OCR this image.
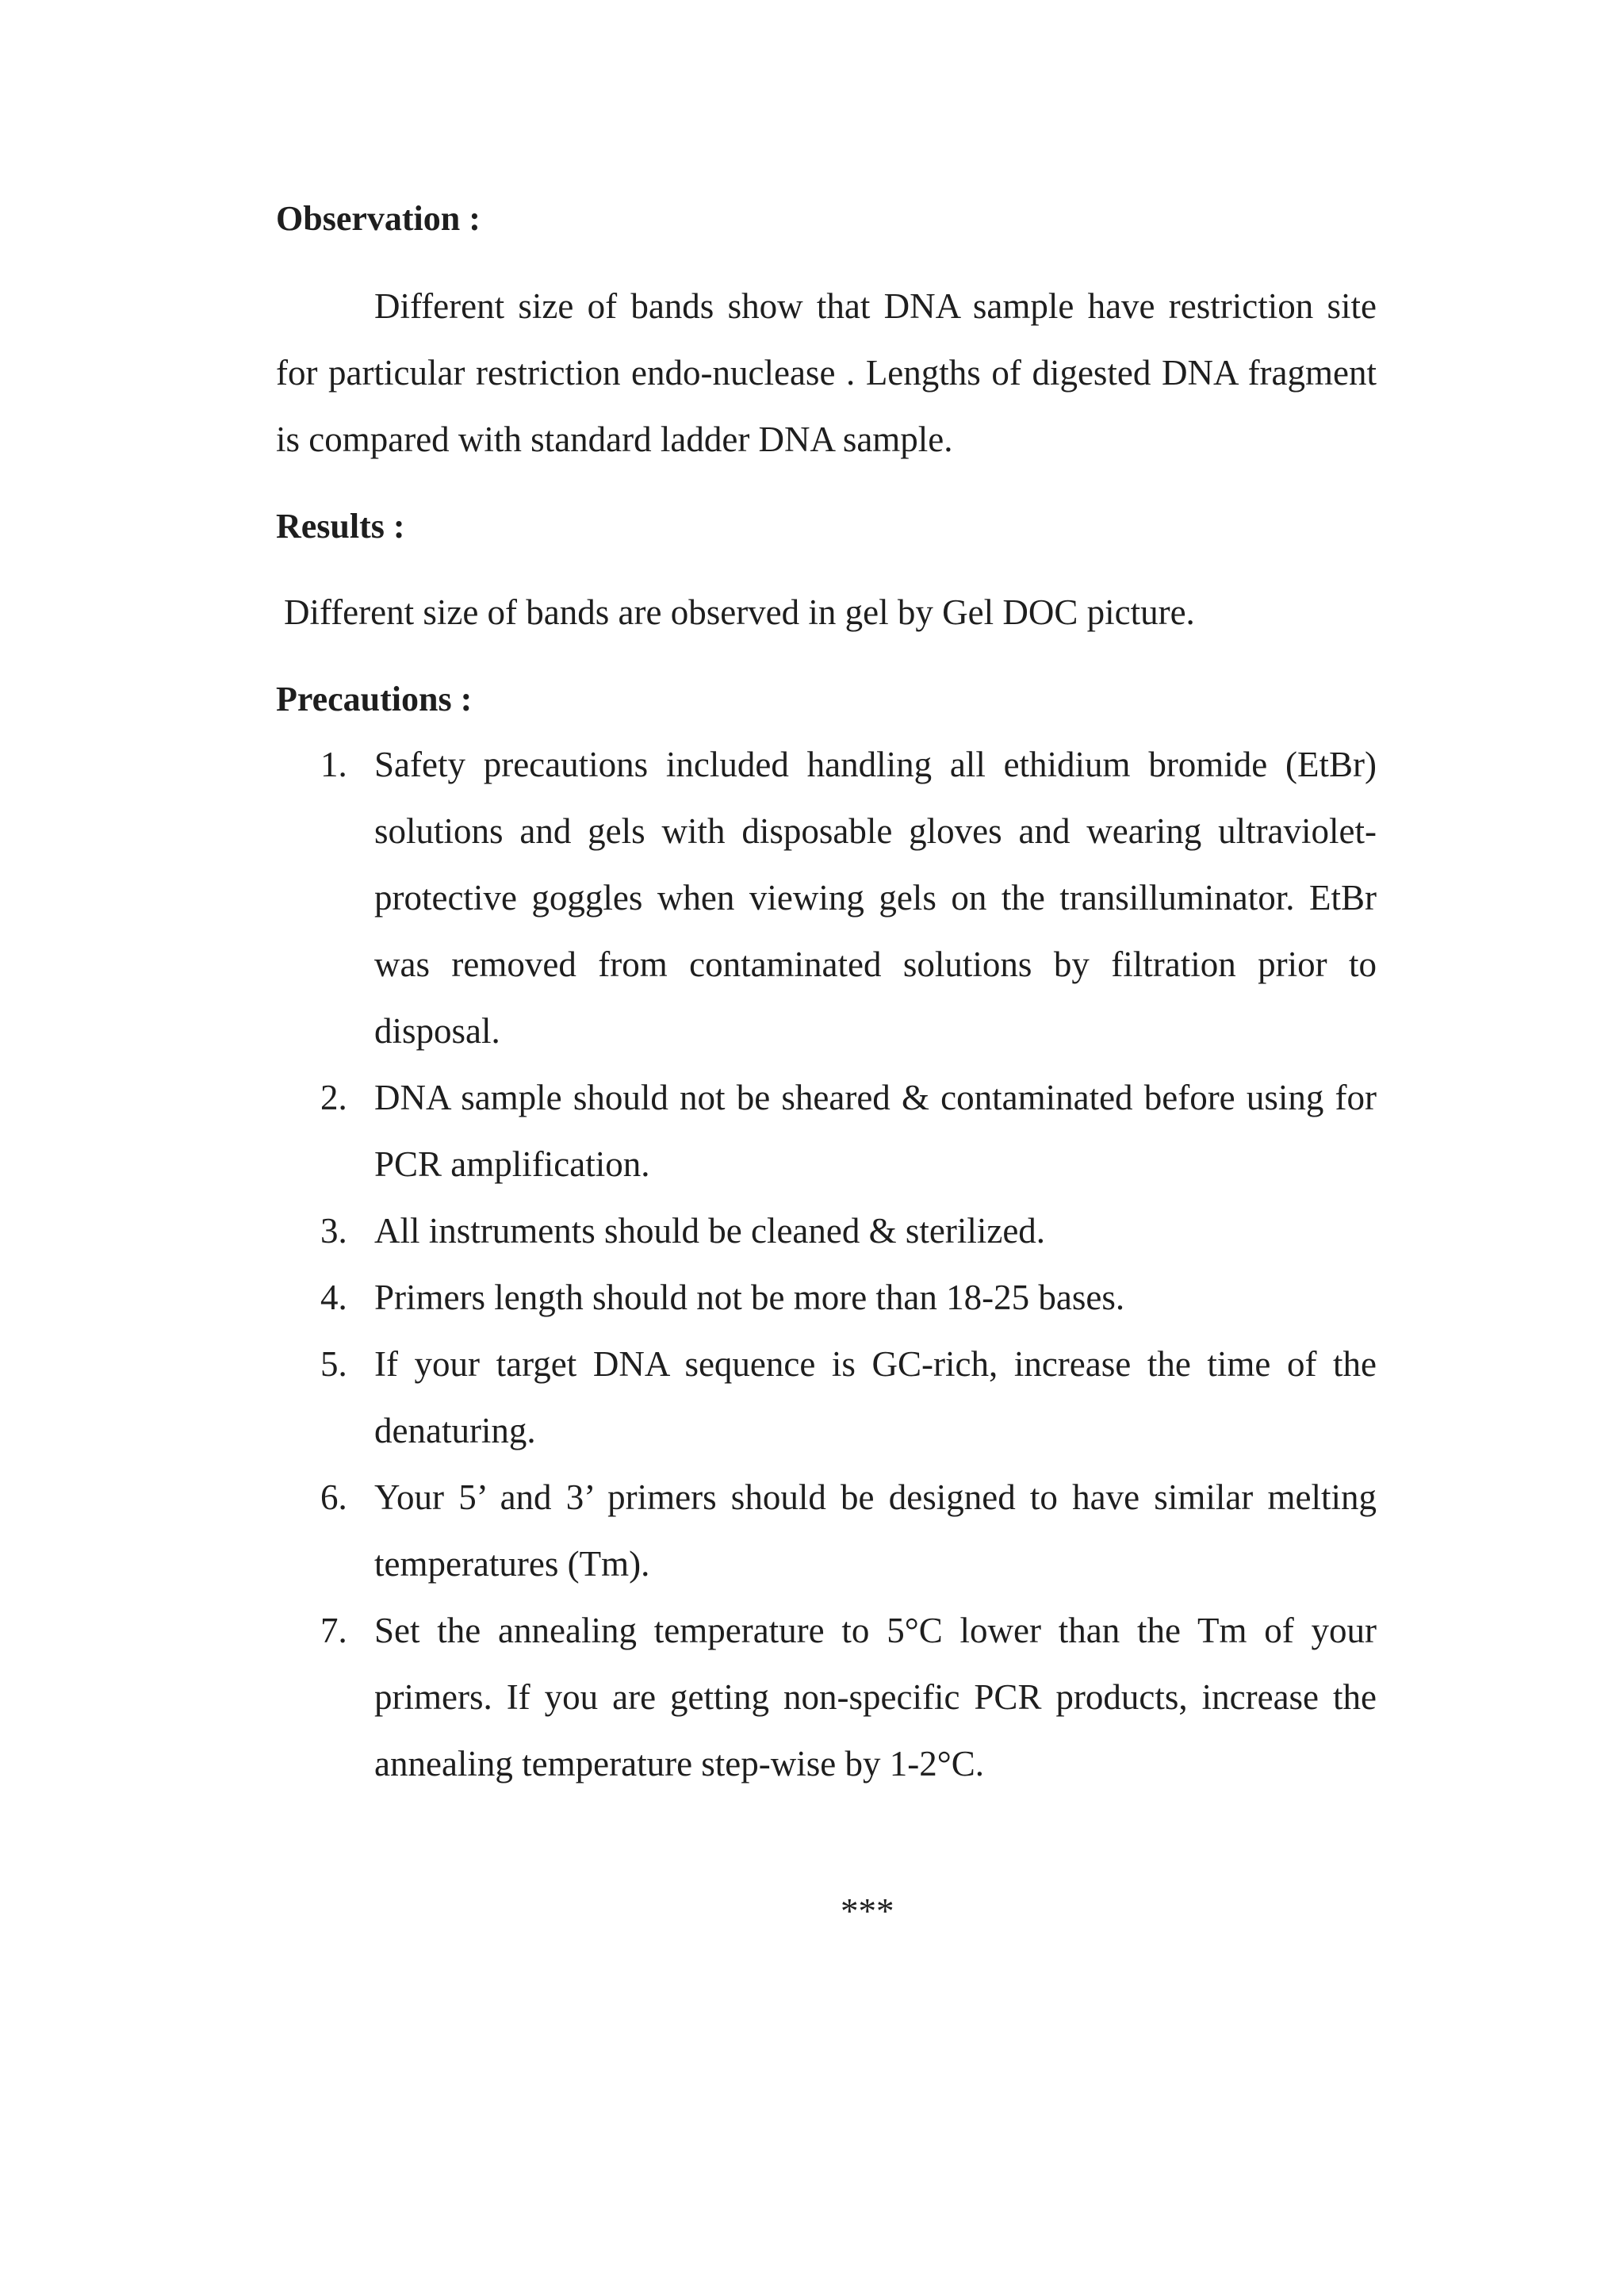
Observation :

Different size of bands show that DNA sample have restriction site for particular restriction endo-nuclease . Lengths of digested DNA fragment is compared with standard ladder DNA sample.

Results :

Different size of bands are observed in gel by Gel DOC picture.

Precautions :
1. Safety precautions included handling all ethidium bromide (EtBr) solutions and gels with disposable gloves and wearing ultraviolet-protective goggles when viewing gels on the transilluminator. EtBr was removed from contaminated solutions by filtration prior to disposal.
2. DNA sample should not be sheared & contaminated before using for PCR amplification.
3. All instruments should be cleaned & sterilized.
4. Primers length should not be more than 18-25 bases.
5. If your target DNA sequence is GC-rich, increase the time of the denaturing.
6. Your 5’ and 3’ primers should be designed to have similar melting temperatures (Tm).
7. Set the annealing temperature to 5°C lower than the Tm of your primers. If you are getting non-specific PCR products, increase the annealing temperature step-wise by 1-2°C.

***
